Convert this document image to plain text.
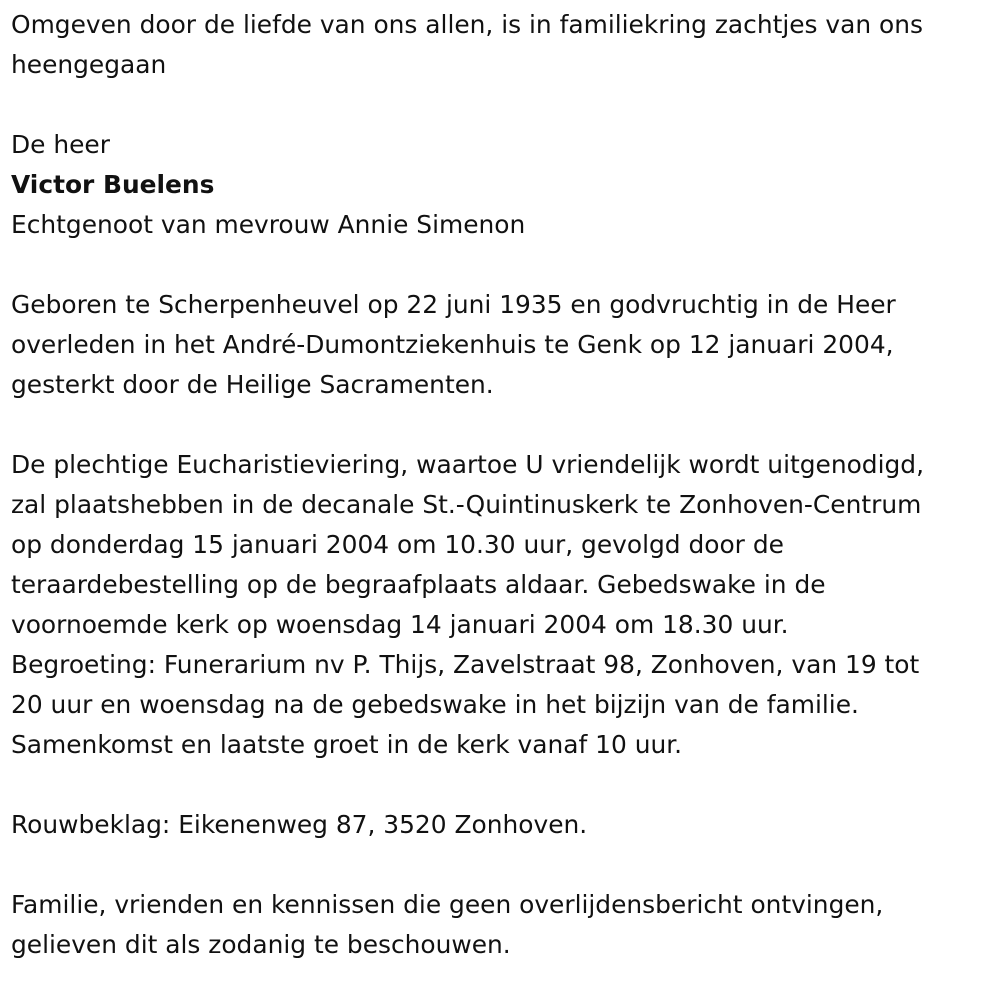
Omgeven door de liefde van ons allen, is in familiekring zachtjes van ons
heengegaan
De heer
Victor Buelens
Echtgenoot van mevrouw Annie Simenon
Geboren te Scherpenheuvel op 22 juni 1935 en godvruchtig in de Heer
overleden in het André-Dumontziekenhuis te Genk op 12 januari 2004,
gesterkt door de Heilige Sacramenten.
De plechtige Eucharistieviering, waartoe U vriendelijk wordt uitgenodigd,
zal plaatshebben in de decanale St.-Quintinuskerk te Zonhoven-Centrum
op donderdag 15 januari 2004 om 10.30 uur, gevolgd door de
teraardebestelling op de begraafplaats aldaar. Gebedswake in de
voornoemde kerk op woensdag 14 januari 2004 om 18.30 uur.
Begroeting: Funerarium nv P. Thijs, Zavelstraat 98, Zonhoven, van 19 tot
20 uur en woensdag na de gebedswake in het bijzijn van de familie.
Samenkomst en laatste groet in de kerk vanaf 10 uur.
Rouwbeklag: Eikenenweg 87, 3520 Zonhoven.
Familie, vrienden en kennissen die geen overlijdensbericht ontvingen,
gelieven dit als zodanig te beschouwen.
